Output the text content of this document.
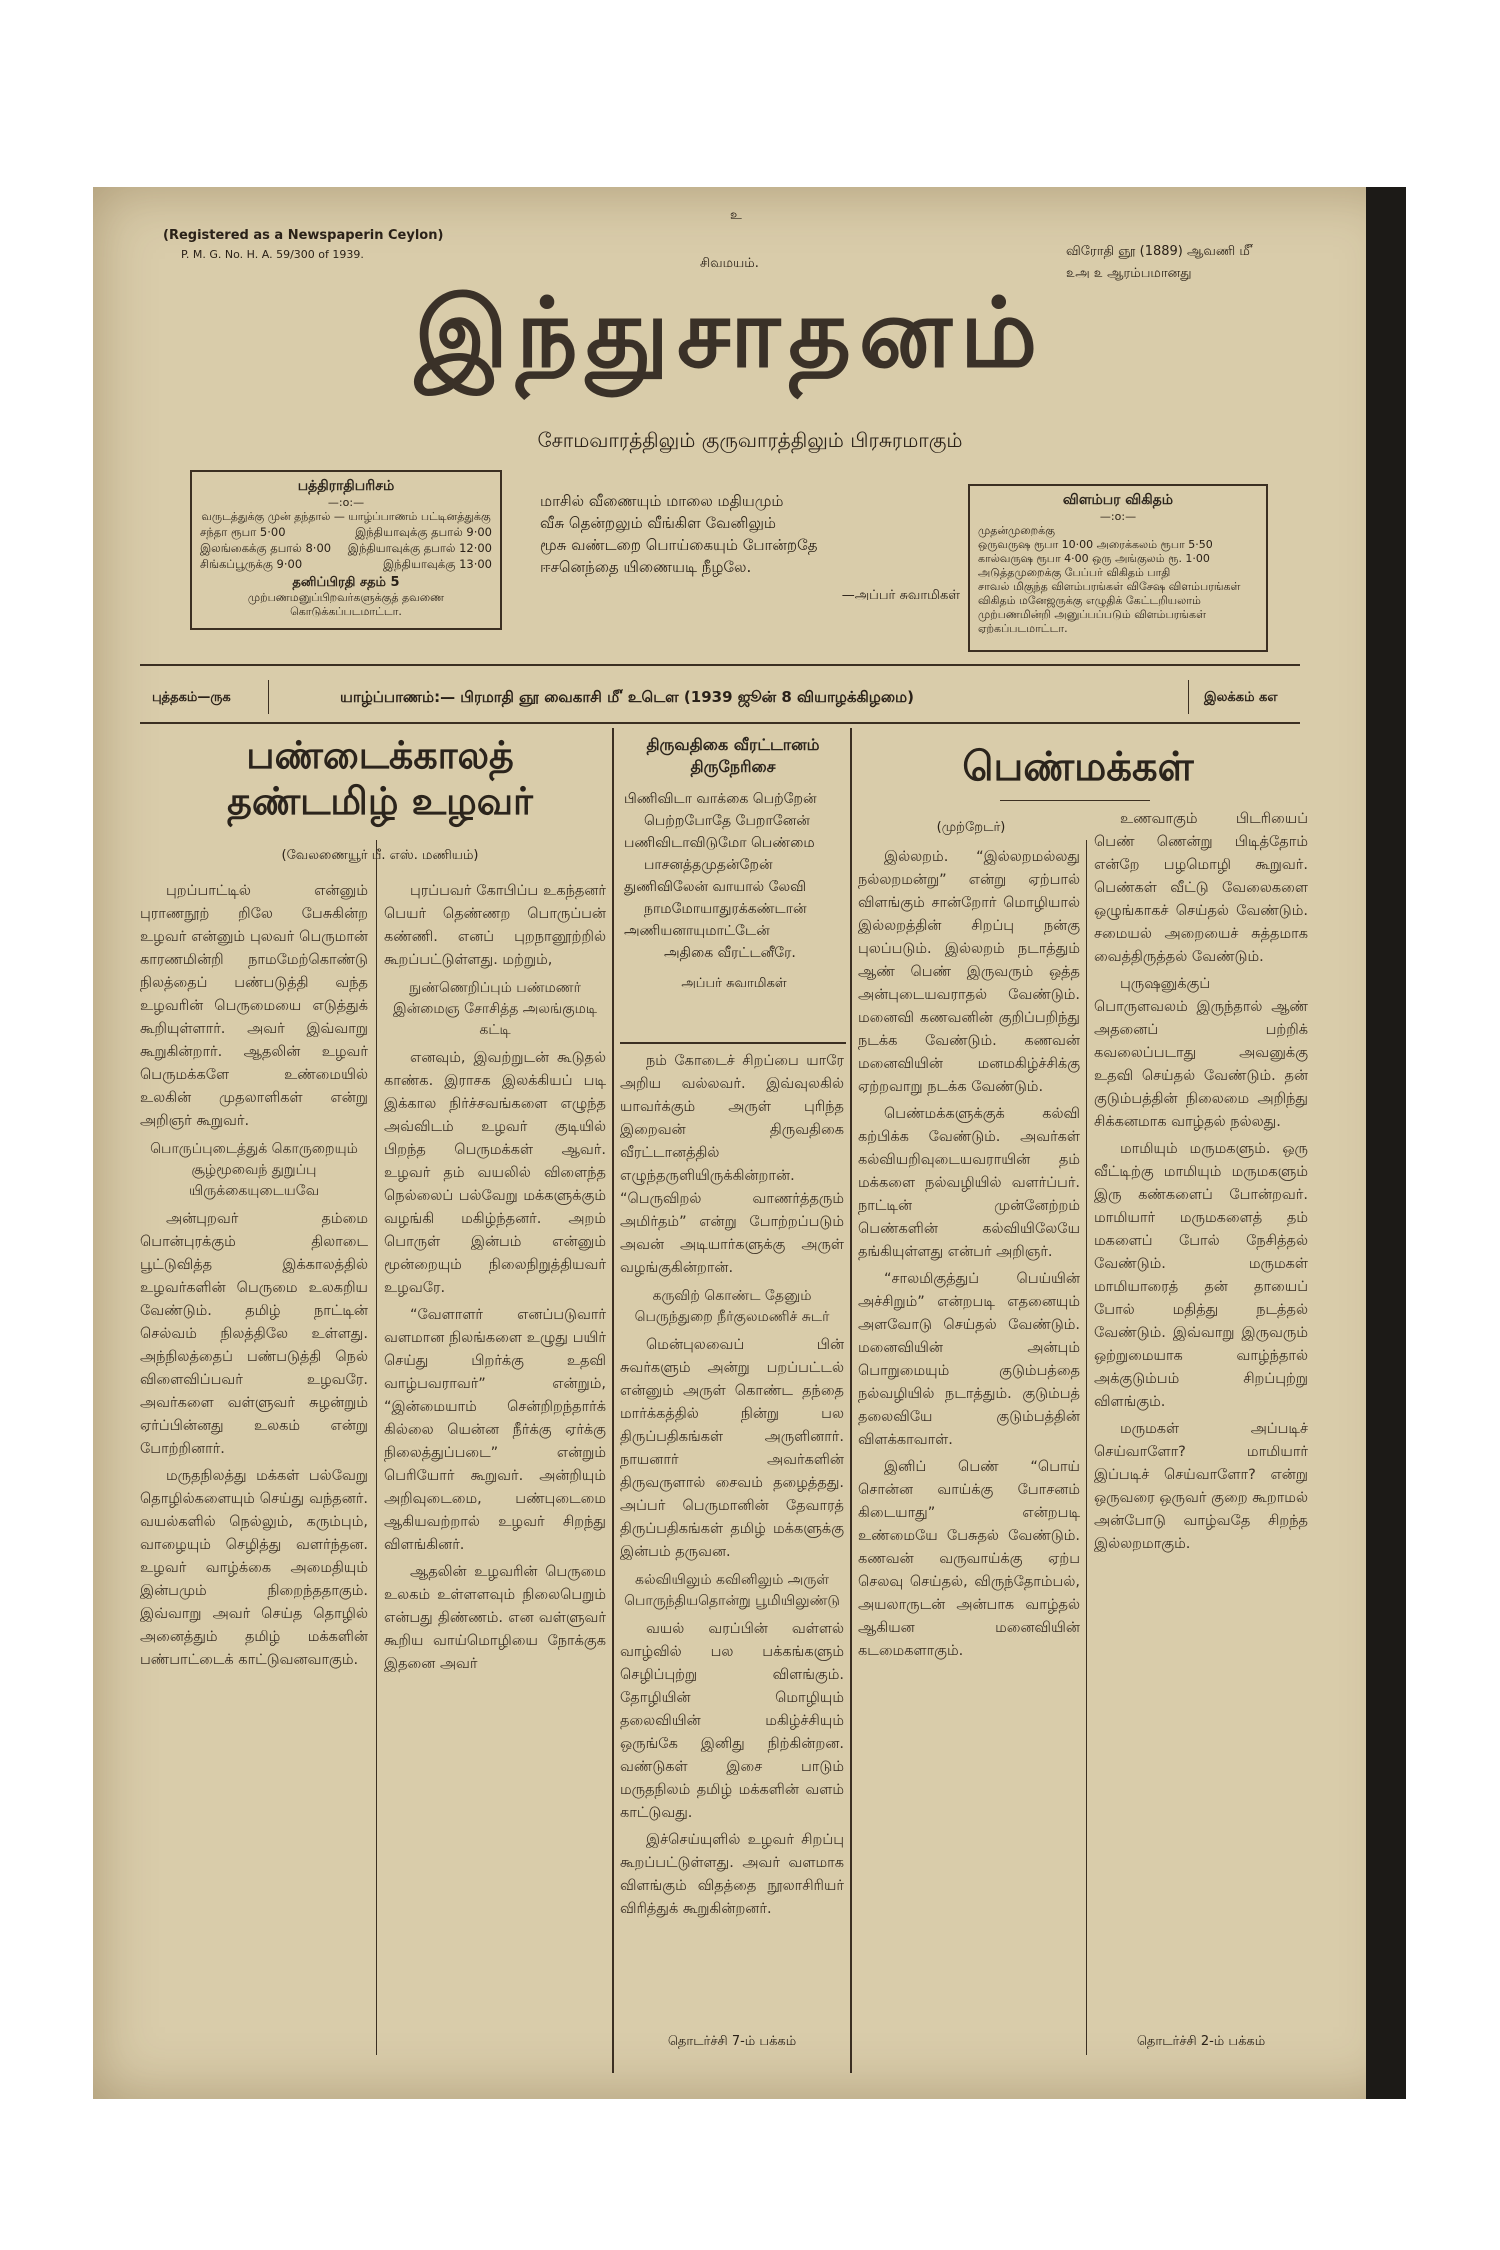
(Registered as a Newspaperin Ceylon)
P. M. G. No. H. A. 59/300 of 1939.
உ
சிவமயம்.
விரோதி ஞூ (1889) ஆவணி ௴
௨அ ௨ ஆரம்பமானது
இந்துசாதனம்
சோமவாரத்திலும் குருவாரத்திலும் பிரசுரமாகும்
பத்திராதிபரிசம்
—:o:—
வருடத்துக்கு முன் தந்தால் — யாழ்ப்பாணம் பட்டினத்துக்கு
சந்தா ரூபா 5·00	இந்தியாவுக்கு தபால் 9·00
இலங்கைக்கு தபால் 8·00 இந்தியாவுக்கு தபால் 12·00
சிங்கப்பூருக்கு 9·00	இந்தியாவுக்கு 13·00
தனிப்பிரதி சதம் 5
முற்பணமனுப்பிறவர்களுக்குத் தவணை கொடுக்கப்படமாட்டா.
மாசில் வீணையும் மாலை மதியமும்
வீசு தென்றலும் வீங்கிள வேனிலும்
மூசு வண்டறை பொய்கையும் போன்றதே
ஈசனெந்தை யிணையடி நீழலே.
—அப்பர் சுவாமிகள்
விளம்பர விகிதம்
—:o:—
முதன்முறைக்கு
ஒருவருஷ ரூபா 10·00 அரைக்கலம் ரூபா 5·50
கால்வருஷ ரூபா 4·00 ஒரு அங்குலம் ரூ. 1·00
அடுத்தமுறைக்கு பேப்பர் விகிதம் பாதி
சாவல் மிகுந்த விளம்பரங்கள் விசேஷ விளம்பரங்கள்
விகிதம் மனேஜருக்கு எழுதிக் கேட்டறியலாம்
முற்பணமின்றி அனுப்பப்படும் விளம்பரங்கள் ஏற்கப்படமாட்டா.
புத்தகம்—ருக	யாழ்ப்பாணம்:— பிரமாதி ஞூ வைகாசி ௴ உடௌ (1939 ஜூன் 8 வியாழக்கிழமை)	இலக்கம் கஎ
பண்டைக்காலத்
தண்டமிழ் உழவர்
(வேலணையூர் பீ. எஸ். மணியம்)

புறப்பாட்டில் என்னும் புராணநூற் றிலே பேசுகின்ற உழவர் என்னும் புலவர் பெருமான் காரணமின்றி நாமமேற்கொண்டு நிலத்தைப் பண்படுத்தி வந்த உழவரின் பெருமையை எடுத்துக் கூறியுள்ளார். அவர் இவ்வாறு கூறுகின்றார். ஆதலின் உழவர் பெருமக்களே உண்மையில் உலகின் முதலாளிகள் என்று அறிஞர் கூறுவர்.

பொருப்புடைத்துக் கொருறையும் சூழ்மூவைந் துறுப்பு யிருக்கையுடையவே

அன்புறவர் தம்மை பொன்புரக்கும் திலாடை பூட்டுவித்த இக்காலத்தில் உழவர்களின் பெருமை உலகறிய வேண்டும். தமிழ் நாட்டின் செல்வம் நிலத்திலே உள்ளது. அந்நிலத்தைப் பண்படுத்தி நெல் விளைவிப்பவர் உழவரே. அவர்களை வள்ளுவர் சுழன்றும் ஏர்ப்பின்னது உலகம் என்று போற்றினார்.

மருதநிலத்து மக்கள் பல்வேறு தொழில்களையும் செய்து வந்தனர். வயல்களில் நெல்லும், கரும்பும், வாழையும் செழித்து வளர்ந்தன. உழவர் வாழ்க்கை அமைதியும் இன்பமும் நிறைந்ததாகும். இவ்வாறு அவர் செய்த தொழில் அனைத்தும் தமிழ் மக்களின் பண்பாட்டைக் காட்டுவனவாகும்.

புரப்பவர் கோபிப்ப உகந்தனர் பெயர் தெண்ணற பொருப்பன் கண்ணி. எனப் புறநானூற்றில் கூறப்பட்டுள்ளது. மற்றும்,

நுண்ணெறிப்பும் பண்மணர் இன்மைஞ சோசித்த அலங்குமடி கட்டி

எனவும், இவற்றுடன் கூடுதல் காண்க. இராசக இலக்கியப் படி இக்கால நிர்ச்சவங்களை எழுந்த அவ்விடம் உழவர் குடியில் பிறந்த பெருமக்கள் ஆவர். உழவர் தம் வயலில் விளைந்த நெல்லைப் பல்வேறு மக்களுக்கும் வழங்கி மகிழ்ந்தனர். அறம் பொருள் இன்பம் என்னும் மூன்றையும் நிலைநிறுத்தியவர் உழவரே.

“வேளாளர் எனப்படுவார் வளமான நிலங்களை உழுது பயிர் செய்து பிறர்க்கு உதவி வாழ்பவராவர்” என்றும், “இன்மையாம் சென்றிறந்தார்க் கில்லை யென்ன நீர்க்கு ஏர்க்கு நிலைத்துப்படை” என்றும் பெரியோர் கூறுவர். அன்றியும் அறிவுடைமை, பண்புடைமை ஆகியவற்றால் உழவர் சிறந்து விளங்கினர்.

ஆதலின் உழவரின் பெருமை உலகம் உள்ளளவும் நிலைபெறும் என்பது திண்ணம். என வள்ளுவர் கூறிய வாய்மொழியை நோக்குக இதனை அவர்

திருவதிகை வீரட்டானம்
திருநேரிசை
பிணிவிடா வாக்கை பெற்றேன்
பெற்றபோதே பேறானேன்
பணிவிடாவிடுமோ பெண்மை
பாசனத்தமுதன்றேன்
துணிவிலேன் வாயால் லேவி
நாமமோயாதுரக்கண்டான்
அணியனாயுமாட்டேன்
அதிகை வீரட்டனீரே.
அப்பர் சுவாமிகள்

நம் கோடைச் சிறப்பை யாரே அறிய வல்லவர். இவ்வுலகில் யாவர்க்கும் அருள் புரிந்த இறைவன் திருவதிகை வீரட்டானத்தில் எழுந்தருளியிருக்கின்றான். “பெருவிறல் வாணர்த்தரும் அமிர்தம்” என்று போற்றப்படும் அவன் அடியார்களுக்கு அருள் வழங்குகின்றான்.

கருவிற் கொண்ட தேனும் பெருந்துறை நீர்குலமணிச் சுடர்

மென்புலவைப் பின் சுவர்களும் அன்று பறப்பட்டல் என்னும் அருள் கொண்ட தந்தை மார்க்கத்தில் நின்று பல திருப்பதிகங்கள் அருளினார். நாயனார் அவர்களின் திருவருளால் சைவம் தழைத்தது. அப்பர் பெருமானின் தேவாரத் திருப்பதிகங்கள் தமிழ் மக்களுக்கு இன்பம் தருவன.

கல்வியிலும் கவினிலும் அருள் பொருந்தியதொன்று பூமியிலுண்டு

வயல் வரப்பின் வள்ளல் வாழ்வில் பல பக்கங்களும் செழிப்புற்று விளங்கும். தோழியின் மொழியும் தலைவியின் மகிழ்ச்சியும் ஒருங்கே இனிது நிற்கின்றன. வண்டுகள் இசை பாடும் மருதநிலம் தமிழ் மக்களின் வளம் காட்டுவது.

இச்செய்யுளில் உழவர் சிறப்பு கூறப்பட்டுள்ளது. அவர் வளமாக விளங்கும் விதத்தை நூலாசிரியர் விரித்துக் கூறுகின்றனர்.

தொடர்ச்சி 7-ம் பக்கம்
பெண்மக்கள்
(முற்றேடர்)

இல்லறம். “இல்லறமல்லது நல்லறமன்று” என்று ஏற்பால் விளங்கும் சான்றோர் மொழியால் இல்லறத்தின் சிறப்பு நன்கு புலப்படும். இல்லறம் நடாத்தும் ஆண் பெண் இருவரும் ஒத்த அன்புடையவராதல் வேண்டும். மனைவி கணவனின் குறிப்பறிந்து நடக்க வேண்டும். கணவன் மனைவியின் மனமகிழ்ச்சிக்கு ஏற்றவாறு நடக்க வேண்டும்.

பெண்மக்களுக்குக் கல்வி கற்பிக்க வேண்டும். அவர்கள் கல்வியறிவுடையவராயின் தம் மக்களை நல்வழியில் வளர்ப்பர். நாட்டின் முன்னேற்றம் பெண்களின் கல்வியிலேயே தங்கியுள்ளது என்பர் அறிஞர்.

“சாலமிகுத்துப் பெய்யின் அச்சிறும்” என்றபடி எதனையும் அளவோடு செய்தல் வேண்டும். மனைவியின் அன்பும் பொறுமையும் குடும்பத்தை நல்வழியில் நடாத்தும். குடும்பத் தலைவியே குடும்பத்தின் விளக்காவாள்.

இனிப் பெண் “பொய் சொன்ன வாய்க்கு போசனம் கிடையாது” என்றபடி உண்மையே பேசுதல் வேண்டும். கணவன் வருவாய்க்கு ஏற்ப செலவு செய்தல், விருந்தோம்பல், அயலாருடன் அன்பாக வாழ்தல் ஆகியன மனைவியின் கடமைகளாகும்.

உணவாகும் பிடரியைப் பெண் ணென்று பிடித்தோம் என்றே பழமொழி கூறுவர். பெண்கள் வீட்டு வேலைகளை ஒழுங்காகச் செய்தல் வேண்டும். சமையல் அறையைச் சுத்தமாக வைத்திருத்தல் வேண்டும்.

புருஷனுக்குப் பொருளவலம் இருந்தால் ஆண் அதனைப் பற்றிக் கவலைப்படாது அவனுக்கு உதவி செய்தல் வேண்டும். தன் குடும்பத்தின் நிலைமை அறிந்து சிக்கனமாக வாழ்தல் நல்லது.

மாமியும் மருமகளும். ஒரு வீட்டிற்கு மாமியும் மருமகளும் இரு கண்களைப் போன்றவர். மாமியார் மருமகளைத் தம் மகளைப் போல் நேசித்தல் வேண்டும். மருமகள் மாமியாரைத் தன் தாயைப் போல் மதித்து நடத்தல் வேண்டும். இவ்வாறு இருவரும் ஒற்றுமையாக வாழ்ந்தால் அக்குடும்பம் சிறப்புற்று விளங்கும்.

மருமகள் அப்படிச் செய்வாளோ? மாமியார் இப்படிச் செய்வாளோ? என்று ஒருவரை ஒருவர் குறை கூறாமல் அன்போடு வாழ்வதே சிறந்த இல்லறமாகும்.

தொடர்ச்சி 2-ம் பக்கம்
